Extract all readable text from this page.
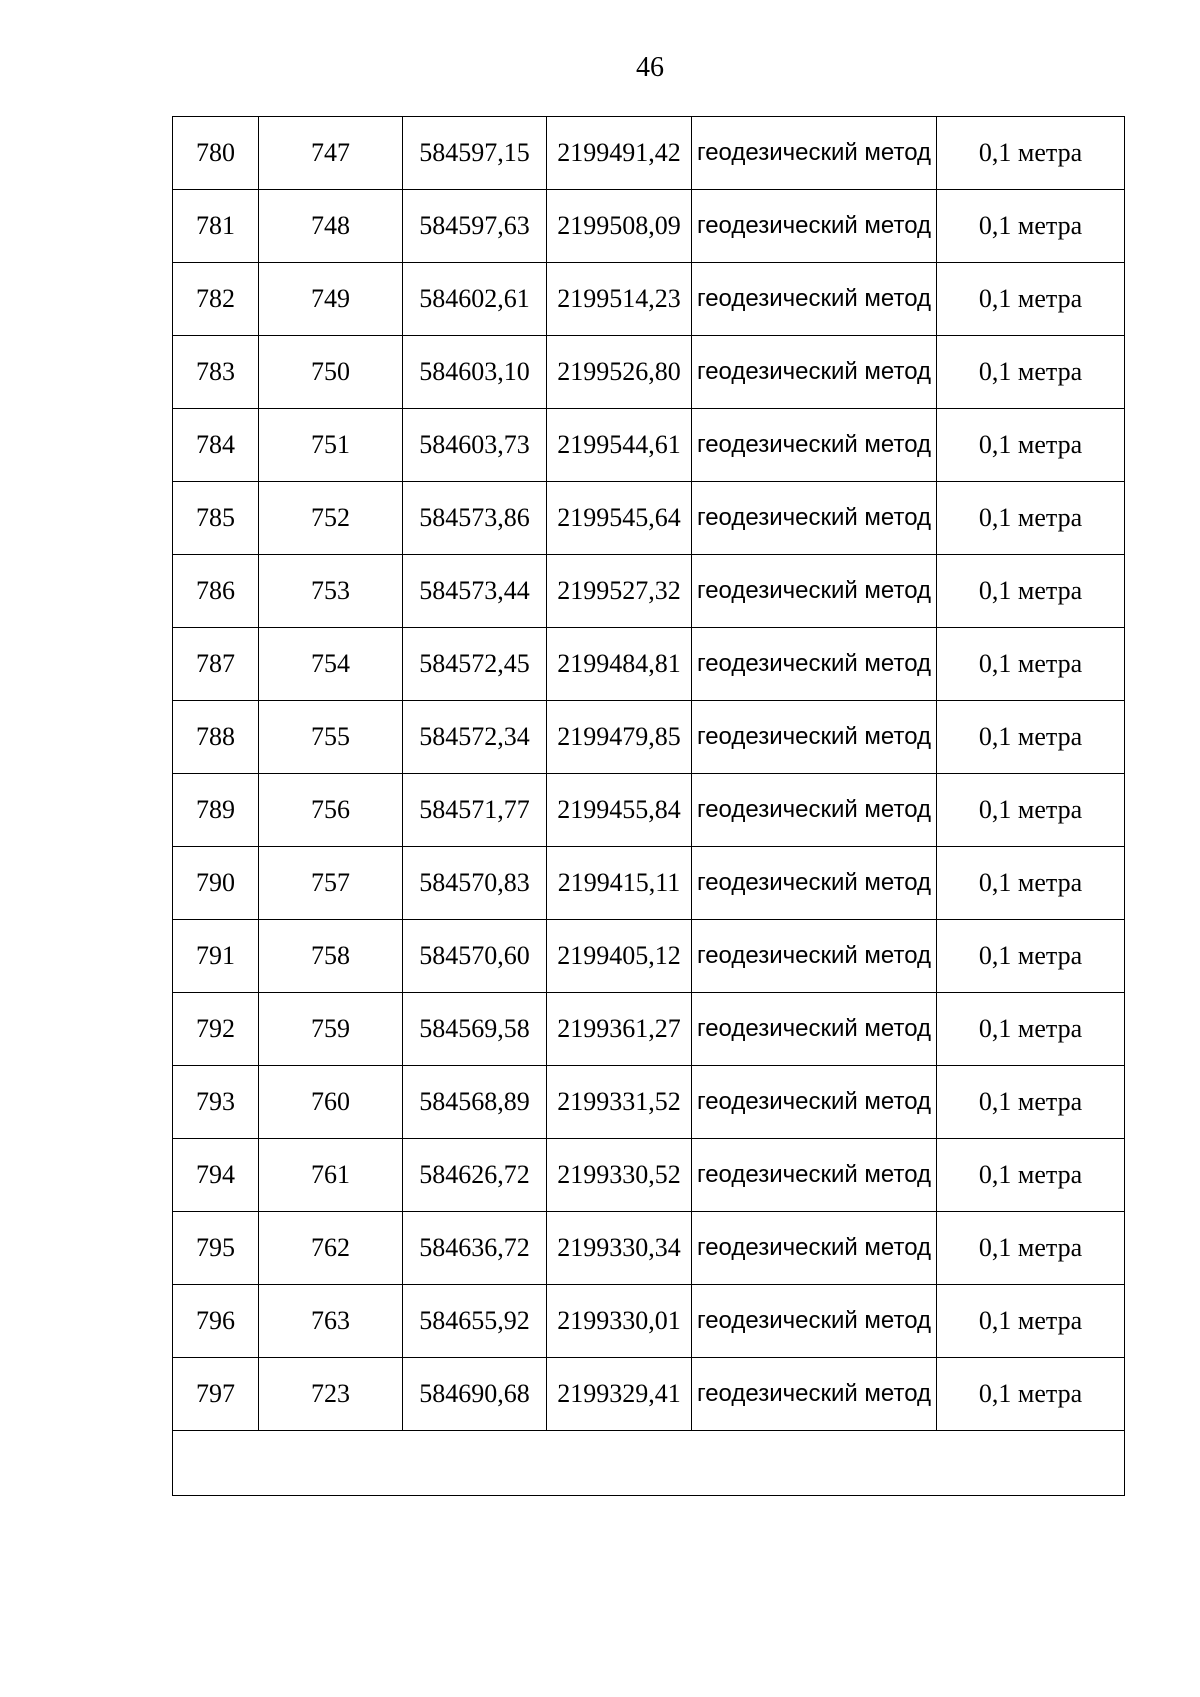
46
780	747	584597,15	2199491,42	геодезический метод	0,1 метра
781	748	584597,63	2199508,09	геодезический метод	0,1 метра
782	749	584602,61	2199514,23	геодезический метод	0,1 метра
783	750	584603,10	2199526,80	геодезический метод	0,1 метра
784	751	584603,73	2199544,61	геодезический метод	0,1 метра
785	752	584573,86	2199545,64	геодезический метод	0,1 метра
786	753	584573,44	2199527,32	геодезический метод	0,1 метра
787	754	584572,45	2199484,81	геодезический метод	0,1 метра
788	755	584572,34	2199479,85	геодезический метод	0,1 метра
789	756	584571,77	2199455,84	геодезический метод	0,1 метра
790	757	584570,83	2199415,11	геодезический метод	0,1 метра
791	758	584570,60	2199405,12	геодезический метод	0,1 метра
792	759	584569,58	2199361,27	геодезический метод	0,1 метра
793	760	584568,89	2199331,52	геодезический метод	0,1 метра
794	761	584626,72	2199330,52	геодезический метод	0,1 метра
795	762	584636,72	2199330,34	геодезический метод	0,1 метра
796	763	584655,92	2199330,01	геодезический метод	0,1 метра
797	723	584690,68	2199329,41	геодезический метод	0,1 метра
